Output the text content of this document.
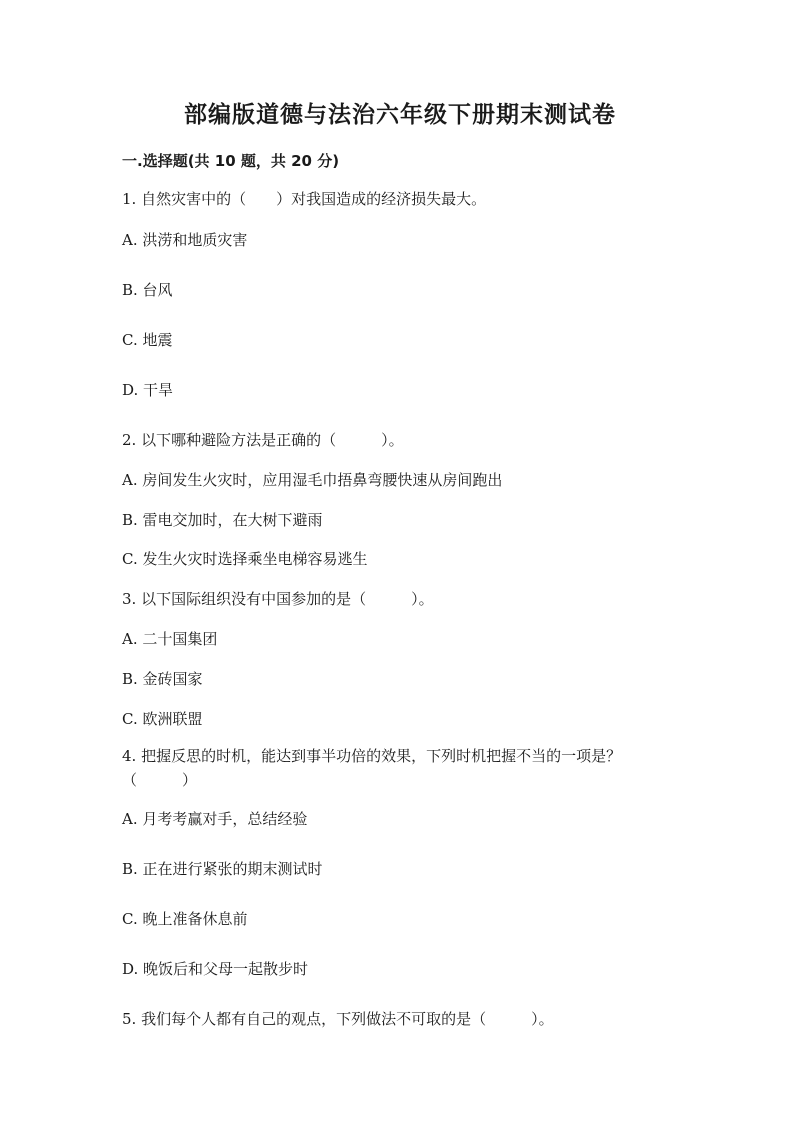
部编版道德与法治六年级下册期末测试卷
一.选择题(共 10 题，共 20 分)
1. 自然灾害中的（　　）对我国造成的经济损失最大。
A. 洪涝和地质灾害
B. 台风
C. 地震
D. 干旱
2. 以下哪种避险方法是正确的（　　　）。
A. 房间发生火灾时，应用湿毛巾捂鼻弯腰快速从房间跑出
B. 雷电交加时，在大树下避雨
C. 发生火灾时选择乘坐电梯容易逃生
3. 以下国际组织没有中国参加的是（　　　）。
A. 二十国集团
B. 金砖国家
C. 欧洲联盟
4. 把握反思的时机，能达到事半功倍的效果，下列时机把握不当的一项是？（　　　）
A. 月考考赢对手，总结经验
B. 正在进行紧张的期末测试时
C. 晚上准备休息前
D. 晚饭后和父母一起散步时
5. 我们每个人都有自己的观点，下列做法不可取的是（　　　）。
